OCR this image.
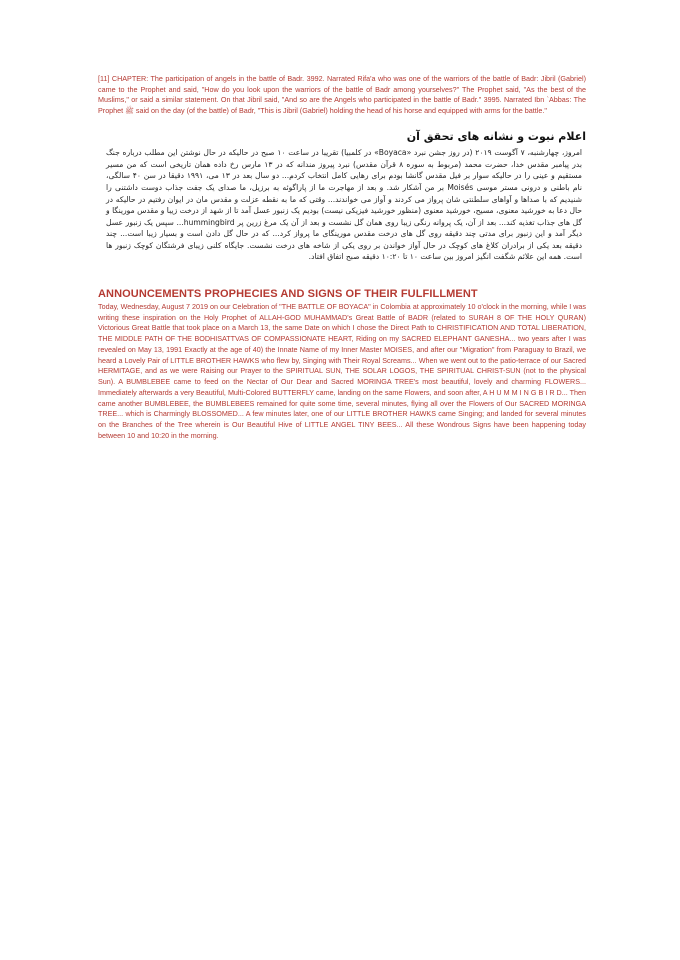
[11] CHAPTER: The participation of angels in the battle of Badr. 3992. Narrated Rifa'a who was one of the warriors of the battle of Badr: Jibril (Gabriel) came to the Prophet and said, "How do you look upon the warriors of the battle of Badr among yourselves?" The Prophet said, "As the best of the Muslims," or said a similar statement. On that Jibril said, "And so are the Angels who participated in the battle of Badr." 3995. Narrated Ibn `Abbas: The Prophet ﷺ said on the day (of the battle) of Badr, "This is Jibril (Gabriel) holding the head of his horse and equipped with arms for the battle."

اعلام نبوت و نشانه های تحقق آن

امروز، چهارشنبه، ۷ آگوست ۲۰۱۹ (در روز جشن نبرد «Boyaca» در کلمبیا) تقریبا در ساعت ۱۰ صبح در حالیکه در حال نوشتن این مطلب درباره جنگ بدر پیامبر مقدس خدا، حضرت محمد (مربوط به سوره ۸ قرآن مقدس) نبرد پیروز مندانه که در ۱۳ مارس رخ داده همان تاریخی است که من مسیر مستقیم و عینی را در حالیکه سوار بر فیل مقدس گانشا بودم برای رهایی کامل انتخاب کردم... دو سال بعد در ۱۳ می، ۱۹۹۱ دقیقا در سن ۴۰ سالگی، نام باطنی و درونی مستر موسی Moisés بر من آشکار شد. و بعد از مهاجرت ما از پاراگوئه به برزیل، ما صدای یک جفت جذاب دوست داشتنی را شنیدیم که با صداها و آواهای سلطنتی شان پرواز می کردند و آواز می خواندند... وقتی که ما به نقطه عزلت و مقدس مان در ایوان رفتیم در حالیکه در حال دعا به خورشید معنوی، مسیح، خورشید معنوی (منظور خورشید فیزیکی نیست) بودیم یک زنبور عسل آمد تا از شهد از درخت زیبا و مقدس مورینگا و گل های جذاب تغذیه کند... بعد از آن، یک پروانه رنگی زیبا روی همان گل نشست و بعد از آن یک مرغ زرین پر hummingbird... سپس یک زنبور عسل دیگر آمد و این زنبور برای مدتی چند دقیقه روی گل های درخت مقدس مورینگای ما پرواز کرد... که در حال گل دادن است و بسیار زیبا است... چند دقیقه بعد یکی از برادران کلاغ های کوچک در حال آواز خواندن بر روی یکی از شاخه های درخت نشست. جایگاه کلنی زیبای فرشتگان کوچک زنبور ها است. همه این علائم شگفت انگیز امروز بین ساعت ۱۰ تا ۱۰:۲۰ دقیقه صبح اتفاق افتاد.

ANNOUNCEMENTS PROPHECIES AND SIGNS OF THEIR FULFILLMENT

Today, Wednesday, August 7 2019 on our Celebration of "THE BATTLE OF BOYACA" in Colombia at approximately 10 o'clock in the morning, while I was writing these inspiration on the Holy Prophet of ALLAH-GOD MUHAMMAD's Great Battle of BADR (related to SURAH 8 OF THE HOLY QURAN) Victorious Great Battle that took place on a March 13, the same Date on which I chose the Direct Path to CHRISTIFICATION AND TOTAL LIBERATION, THE MIDDLE PATH OF THE BODHISATTVAS OF COMPASSIONATE HEART, Riding on my SACRED ELEPHANT GANESHA... two years after I was revealed on May 13, 1991 Exactly at the age of 40) the Innate Name of my Inner Master MOISES, and after our "Migration" from Paraguay to Brazil, we heard a Lovely Pair of LITTLE BROTHER HAWKS who flew by, Singing with Their Royal Screams... When we went out to the patio-terrace of our Sacred HERMITAGE, and as we were Raising our Prayer to the SPIRITUAL SUN, THE SOLAR LOGOS, THE SPIRITUAL CHRIST-SUN (not to the physical Sun). A BUMBLEBEE came to feed on the Nectar of Our Dear and Sacred MORINGA TREE's most beautiful, lovely and charming FLOWERS... Immediately afterwards a very Beautiful, Multi-Colored BUTTERFLY came, landing on the same Flowers, and soon after, A H U M M I N G B I R D... Then came another BUMBLEBEE, the BUMBLEBEES remained for quite some time, several minutes, flying all over the Flowers of Our SACRED MORINGA TREE... which is Charmingly BLOSSOMED... A few minutes later, one of our LITTLE BROTHER HAWKS came Singing; and landed for several minutes on the Branches of the Tree wherein is Our Beautiful Hive of LITTLE ANGEL TINY BEES... All these Wondrous Signs have been happening today between 10 and 10:20 in the morning.
